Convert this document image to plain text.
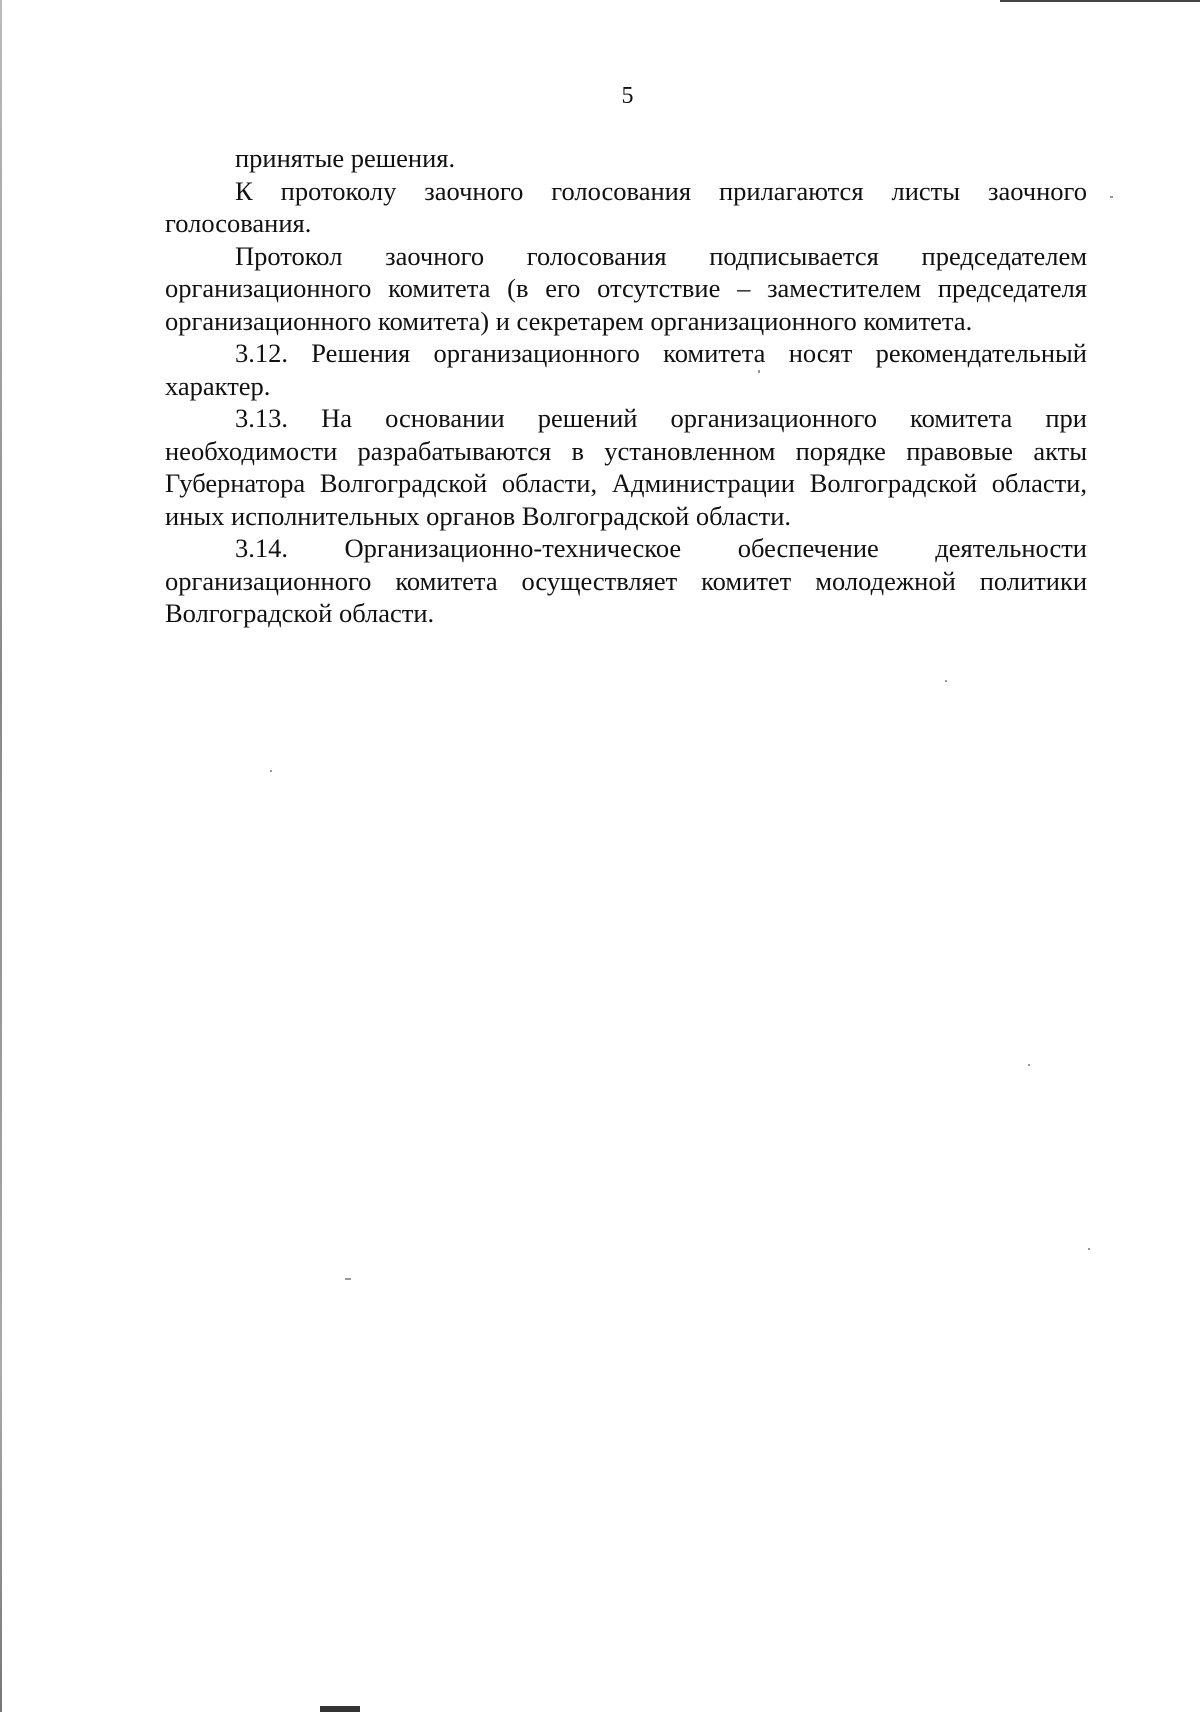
5

принятые решения.

К протоколу заочного голосования прилагаются листы заочного голосования.

Протокол заочного голосования подписывается председателем организационного комитета (в его отсутствие – заместителем председателя организационного комитета) и секретарем организационного комитета.

3.12. Решения организационного комитета носят рекомендательный характер.

3.13. На основании решений организационного комитета при необходимости разрабатываются в установленном порядке правовые акты Губернатора Волгоградской области, Администрации Волгоградской области, иных исполнительных органов Волгоградской области.

3.14. Организационно-техническое обеспечение деятельности организационного комитета осуществляет комитет молодежной политики Волгоградской области.
